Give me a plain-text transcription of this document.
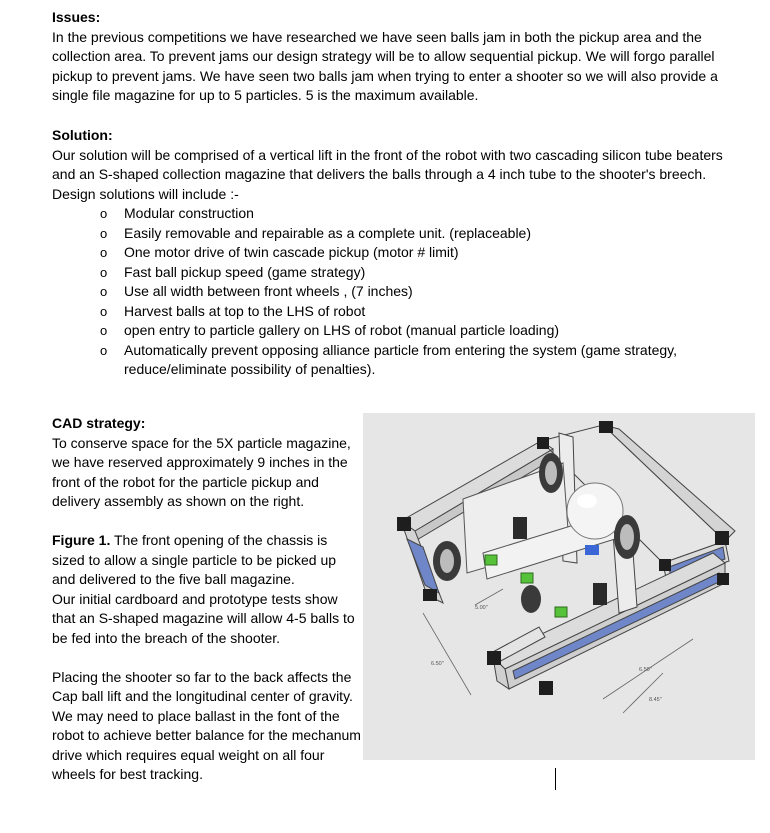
Issues:
In the previous competitions we have researched we have seen balls jam in both the pickup area and the collection area. To prevent jams our design strategy will be to allow sequential pickup. We will forgo parallel pickup to prevent jams. We have seen two balls jam when trying to enter a shooter so we will also provide a single file magazine for up to 5 particles. 5 is the maximum available.
Solution:
Our solution will be comprised of a vertical lift in the front of the robot with two cascading silicon tube beaters and an S-shaped collection magazine that delivers the balls through a 4 inch tube to the shooter's breech.
Design solutions will include :-
o Modular construction
o Easily removable and repairable as a complete unit. (replaceable)
o One motor drive of twin cascade pickup (motor # limit)
o Fast ball pickup speed (game strategy)
o Use all width between front wheels , (7 inches)
o Harvest balls at top to the LHS of robot
o open entry to particle gallery on LHS of robot (manual particle loading)
o Automatically prevent opposing alliance particle from entering the system (game strategy, reduce/eliminate possibility of penalties).
CAD strategy:
To conserve space for the 5X particle magazine, we have reserved approximately 9 inches in the front of the robot for the particle pickup and delivery assembly as shown on the right.
Figure 1. The front opening of the chassis is sized to allow a single particle to be picked up and delivered to the five ball magazine.
Our initial cardboard and prototype tests show that an S-shaped magazine will allow 4-5 balls to be fed into the breach of the shooter.
Placing the shooter so far to the back affects the Cap ball lift and the longitudinal center of gravity. We may need to place ballast in the font of the robot to achieve better balance for the mechanum drive which requires equal weight on all four wheels for best tracking.
5.00"
6.50"
6.50"
8.45"
